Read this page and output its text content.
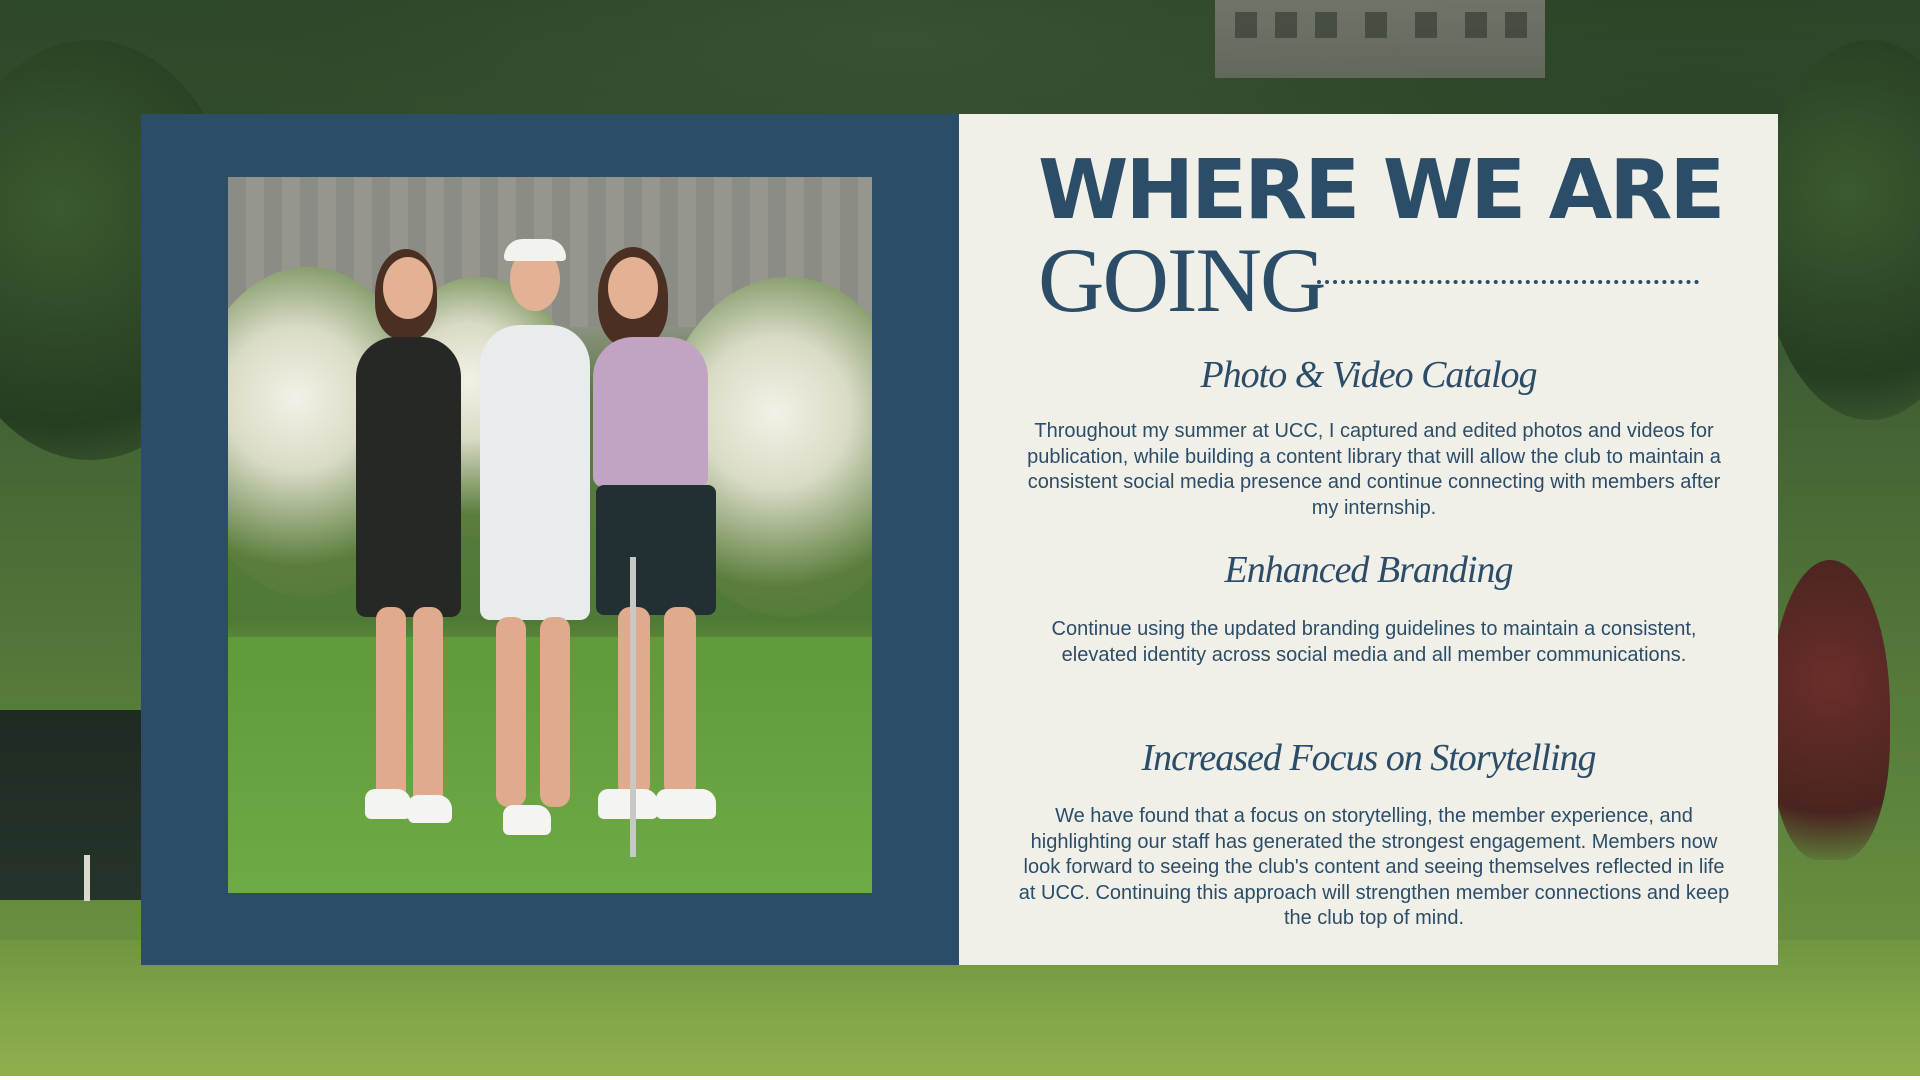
WHERE WE ARE
GOING
Photo & Video Catalog
Throughout my summer at UCC, I captured and edited photos and videos for publication, while building a content library that will allow the club to maintain a consistent social media presence and continue connecting with members after my internship.
Enhanced Branding
Continue using the updated branding guidelines to maintain a consistent, elevated identity across social media and all member communications.
Increased Focus on Storytelling
We have found that a focus on storytelling, the member experience, and highlighting our staff has generated the strongest engagement. Members now look forward to seeing the club's content and seeing themselves reflected in life at UCC. Continuing this approach will strengthen member connections and keep the club top of mind.
